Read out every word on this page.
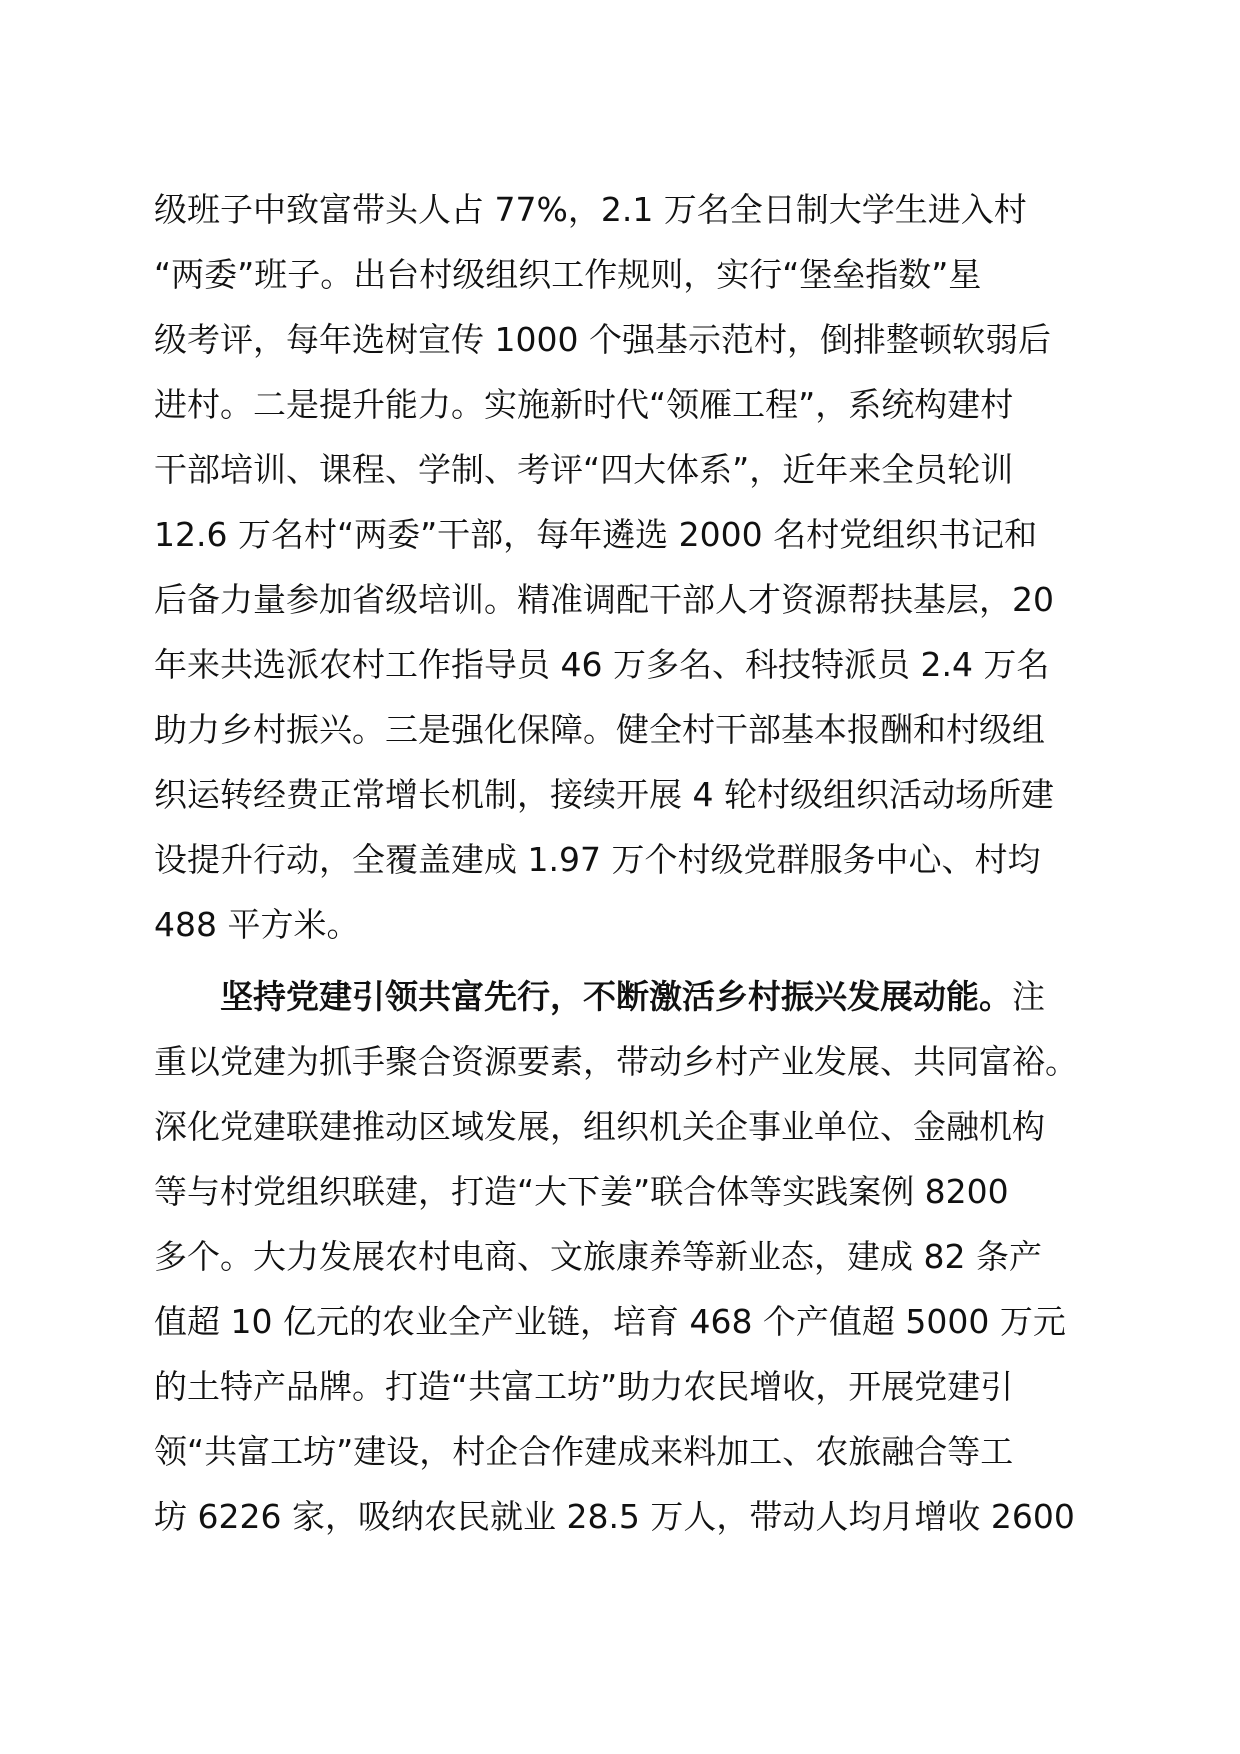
级班子中致富带头人占 77%，2.1 万名全日制大学生进入村
“两委”班子。出台村级组织工作规则，实行“堡垒指数”星
级考评，每年选树宣传 1000 个强基示范村，倒排整顿软弱后
进村。二是提升能力。实施新时代“领雁工程”，系统构建村
干部培训、课程、学制、考评“四大体系”，近年来全员轮训
12.6 万名村“两委”干部，每年遴选 2000 名村党组织书记和
后备力量参加省级培训。精准调配干部人才资源帮扶基层，20
年来共选派农村工作指导员 46 万多名、科技特派员 2.4 万名
助力乡村振兴。三是强化保障。健全村干部基本报酬和村级组
织运转经费正常增长机制，接续开展 4 轮村级组织活动场所建
设提升行动，全覆盖建成 1.97 万个村级党群服务中心、村均
488 平方米。
坚持党建引领共富先行，不断激活乡村振兴发展动能。注
重以党建为抓手聚合资源要素，带动乡村产业发展、共同富裕。
深化党建联建推动区域发展，组织机关企事业单位、金融机构
等与村党组织联建，打造“大下姜”联合体等实践案例 8200
多个。大力发展农村电商、文旅康养等新业态，建成 82 条产
值超 10 亿元的农业全产业链，培育 468 个产值超 5000 万元
的土特产品牌。打造“共富工坊”助力农民增收，开展党建引
领“共富工坊”建设，村企合作建成来料加工、农旅融合等工
坊 6226 家，吸纳农民就业 28.5 万人，带动人均月增收 2600
